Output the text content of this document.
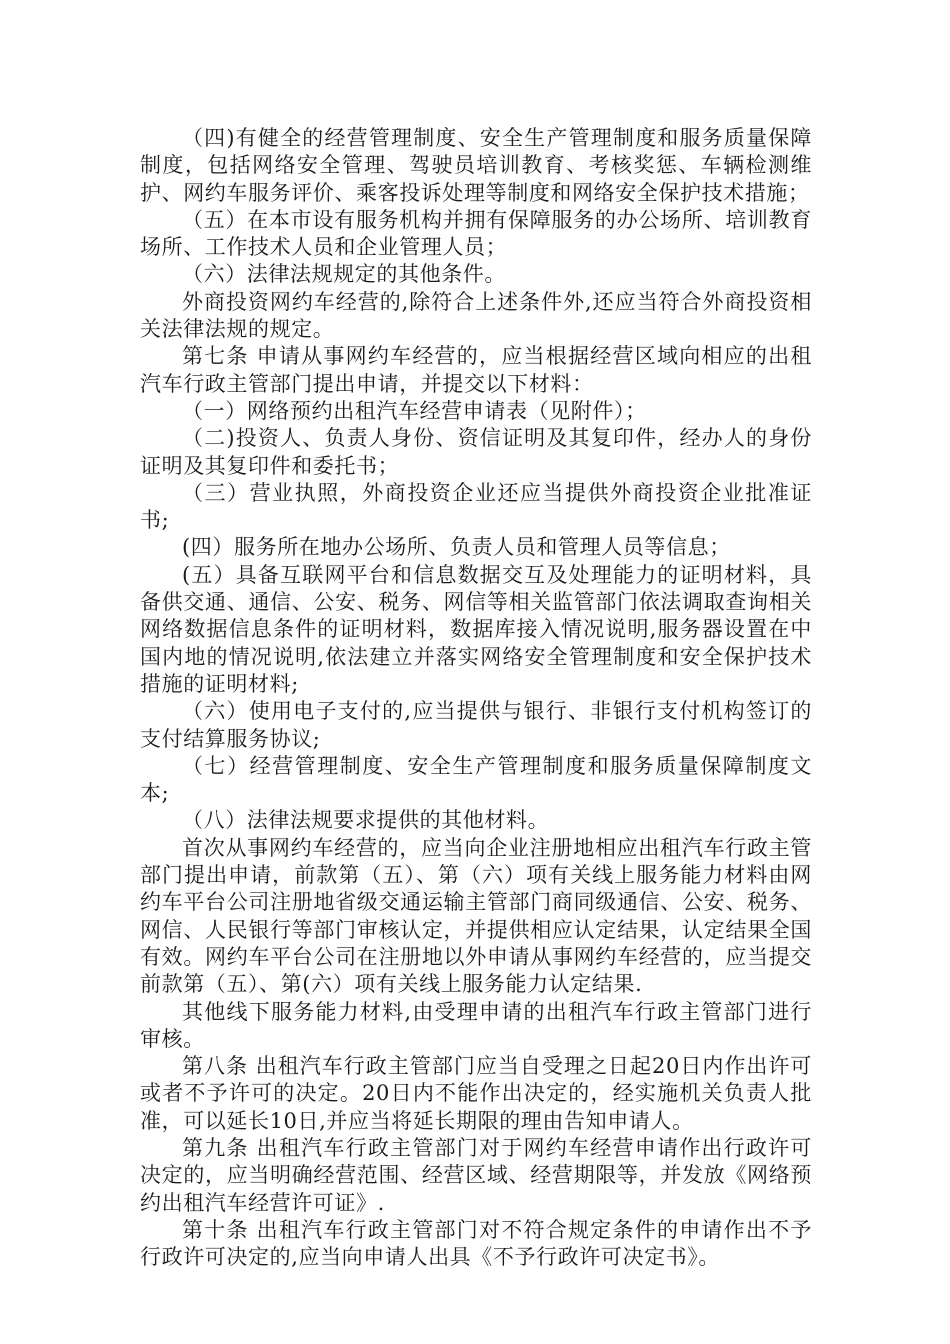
（四)有健全的经营管理制度、安全生产管理制度和服务质量保障制度，包括网络安全管理、驾驶员培训教育、考核奖惩、车辆检测维护、网约车服务评价、乘客投诉处理等制度和网络安全保护技术措施；

（五）在本市设有服务机构并拥有保障服务的办公场所、培训教育场所、工作技术人员和企业管理人员；

（六）法律法规规定的其他条件。

外商投资网约车经营的,除符合上述条件外,还应当符合外商投资相关法律法规的规定。

第七条 申请从事网约车经营的，应当根据经营区域向相应的出租汽车行政主管部门提出申请，并提交以下材料：

（一）网络预约出租汽车经营申请表（见附件）；

（二)投资人、负责人身份、资信证明及其复印件，经办人的身份证明及其复印件和委托书；

（三）营业执照，外商投资企业还应当提供外商投资企业批准证书;

(四）服务所在地办公场所、负责人员和管理人员等信息；

(五）具备互联网平台和信息数据交互及处理能力的证明材料，具备供交通、通信、公安、税务、网信等相关监管部门依法调取查询相关网络数据信息条件的证明材料，数据库接入情况说明,服务器设置在中国内地的情况说明,依法建立并落实网络安全管理制度和安全保护技术措施的证明材料;

（六）使用电子支付的,应当提供与银行、非银行支付机构签订的支付结算服务协议;

（七）经营管理制度、安全生产管理制度和服务质量保障制度文本;

（八）法律法规要求提供的其他材料。

首次从事网约车经营的，应当向企业注册地相应出租汽车行政主管部门提出申请，前款第（五）、第（六）项有关线上服务能力材料由网约车平台公司注册地省级交通运输主管部门商同级通信、公安、税务、网信、人民银行等部门审核认定，并提供相应认定结果，认定结果全国有效。网约车平台公司在注册地以外申请从事网约车经营的，应当提交前款第（五）、第(六）项有关线上服务能力认定结果.

其他线下服务能力材料,由受理申请的出租汽车行政主管部门进行审核。

第八条 出租汽车行政主管部门应当自受理之日起20日内作出许可或者不予许可的决定。20日内不能作出决定的，经实施机关负责人批准，可以延长10日,并应当将延长期限的理由告知申请人。

第九条 出租汽车行政主管部门对于网约车经营申请作出行政许可决定的，应当明确经营范围、经营区域、经营期限等，并发放《网络预约出租汽车经营许可证》.

第十条 出租汽车行政主管部门对不符合规定条件的申请作出不予行政许可决定的,应当向申请人出具《不予行政许可决定书》。
